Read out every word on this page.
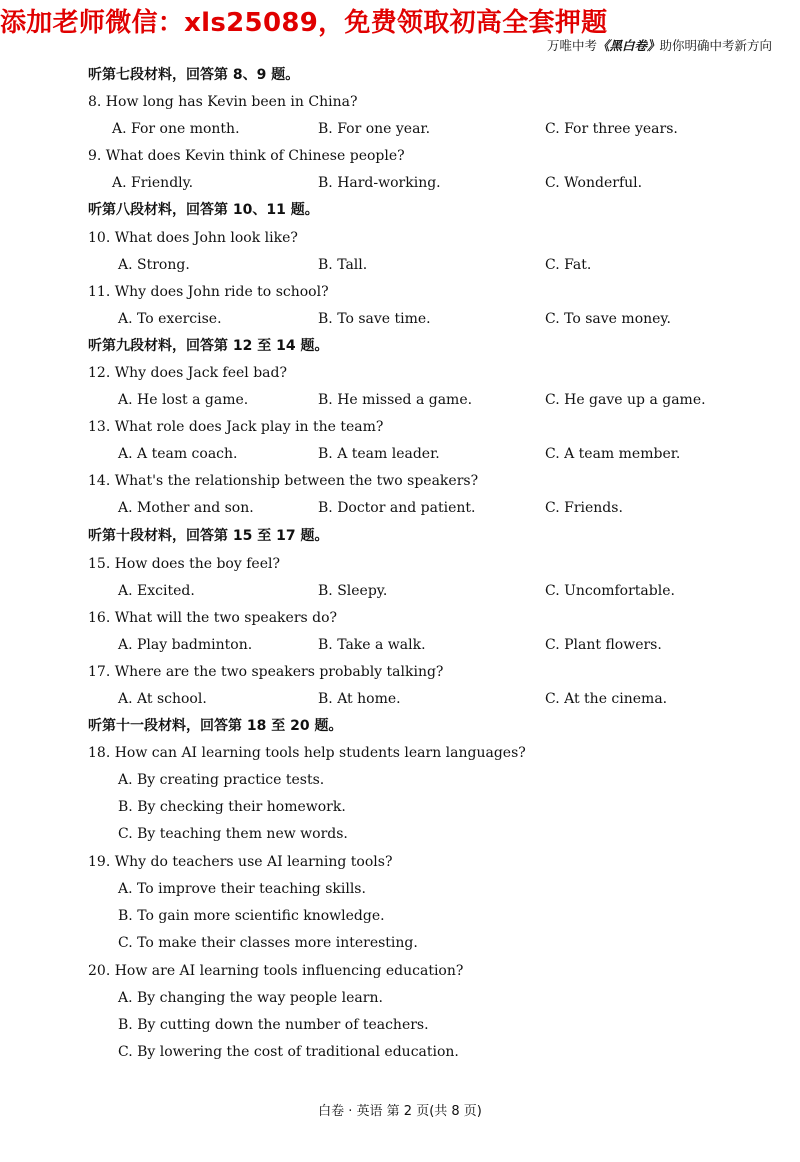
添加老师微信：xls25089，免费领取初高全套押题
万唯中考《黑白卷》助你明确中考新方向
听第七段材料，回答第 8、9 题。
8. How long has Kevin been in China?
A. For one month.	B. For one year.	C. For three years.
9. What does Kevin think of Chinese people?
A. Friendly.	B. Hard-working.	C. Wonderful.
听第八段材料，回答第 10、11 题。
10. What does John look like?
A. Strong.	B. Tall.	C. Fat.
11. Why does John ride to school?
A. To exercise.	B. To save time.	C. To save money.
听第九段材料，回答第 12 至 14 题。
12. Why does Jack feel bad?
A. He lost a game.	B. He missed a game.	C. He gave up a game.
13. What role does Jack play in the team?
A. A team coach.	B. A team leader.	C. A team member.
14. What's the relationship between the two speakers?
A. Mother and son.	B. Doctor and patient.	C. Friends.
听第十段材料，回答第 15 至 17 题。
15. How does the boy feel?
A. Excited.	B. Sleepy.	C. Uncomfortable.
16. What will the two speakers do?
A. Play badminton.	B. Take a walk.	C. Plant flowers.
17. Where are the two speakers probably talking?
A. At school.	B. At home.	C. At the cinema.
听第十一段材料，回答第 18 至 20 题。
18. How can AI learning tools help students learn languages?
A. By creating practice tests.
B. By checking their homework.
C. By teaching them new words.
19. Why do teachers use AI learning tools?
A. To improve their teaching skills.
B. To gain more scientific knowledge.
C. To make their classes more interesting.
20. How are AI learning tools influencing education?
A. By changing the way people learn.
B. By cutting down the number of teachers.
C. By lowering the cost of traditional education.
白卷 · 英语 第 2 页(共 8 页)
